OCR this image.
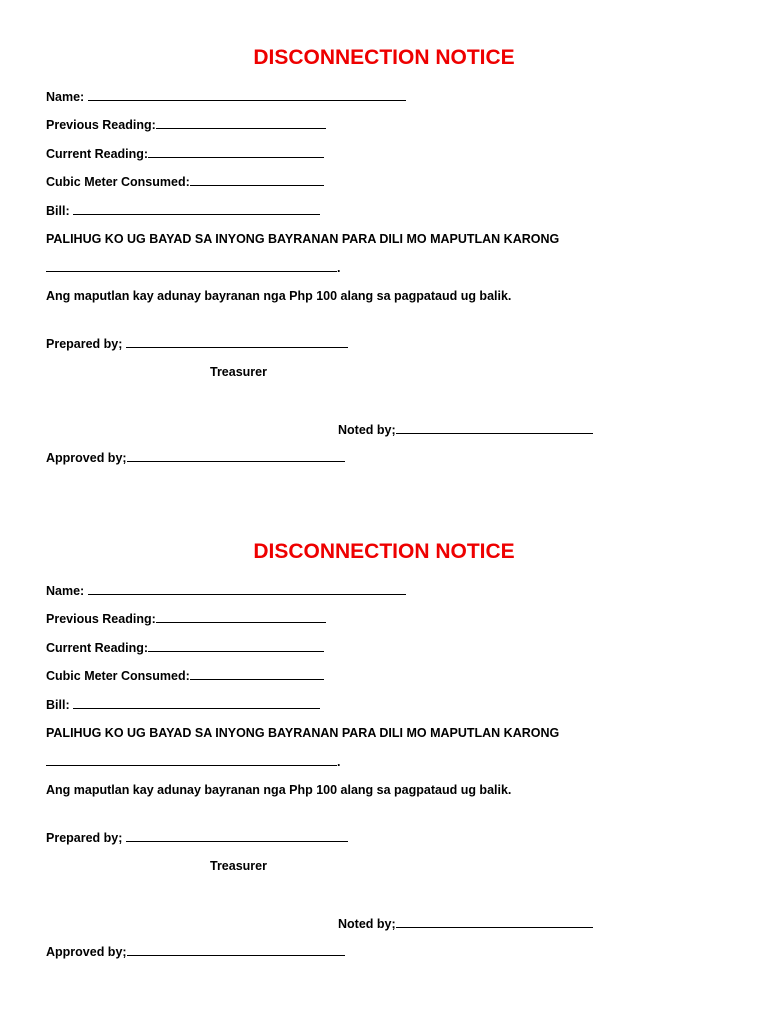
DISCONNECTION NOTICE
Name:
Previous Reading:
Current Reading:
Cubic Meter Consumed:
Bill:
PALIHUG KO UG BAYAD SA INYONG BAYRANAN PARA DILI MO MAPUTLAN KARONG
.
Ang maputlan kay adunay bayranan nga Php 100 alang sa pagpataud ug balik.
Prepared by;
Treasurer
Noted by;
Approved by;
DISCONNECTION NOTICE
Name:
Previous Reading:
Current Reading:
Cubic Meter Consumed:
Bill:
PALIHUG KO UG BAYAD SA INYONG BAYRANAN PARA DILI MO MAPUTLAN KARONG
.
Ang maputlan kay adunay bayranan nga Php 100 alang sa pagpataud ug balik.
Prepared by;
Treasurer
Noted by;
Approved by;
